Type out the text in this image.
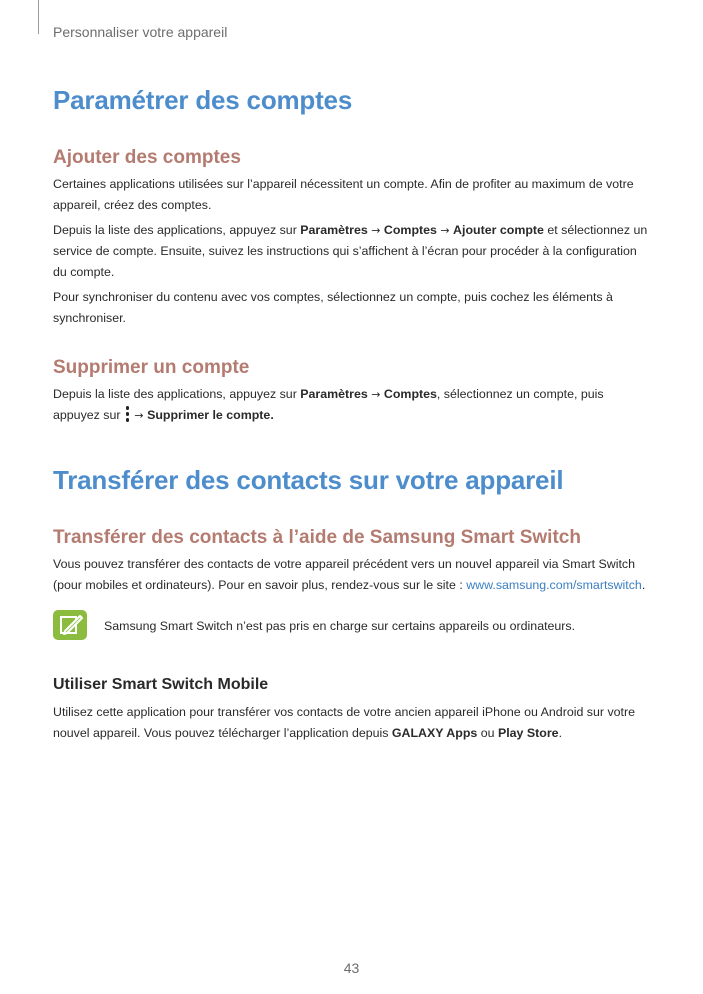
Personnaliser votre appareil
Paramétrer des comptes
Ajouter des comptes

Certaines applications utilisées sur l’appareil nécessitent un compte. Afin de profiter au maximum de votre appareil, créez des comptes.

Depuis la liste des applications, appuyez sur Paramètres → Comptes → Ajouter compte et sélectionnez un service de compte. Ensuite, suivez les instructions qui s’affichent à l’écran pour procéder à la configuration du compte.

Pour synchroniser du contenu avec vos comptes, sélectionnez un compte, puis cochez les éléments à synchroniser.

Supprimer un compte

Depuis la liste des applications, appuyez sur Paramètres → Comptes, sélectionnez un compte, puis appuyez sur
→ Supprimer le compte.

Transférer des contacts sur votre appareil
Transférer des contacts à l’aide de Samsung Smart Switch

Vous pouvez transférer des contacts de votre appareil précédent vers un nouvel appareil via Smart Switch (pour mobiles et ordinateurs). Pour en savoir plus, rendez-vous sur le site : www.samsung.com/smartswitch.

Samsung Smart Switch n’est pas pris en charge sur certains appareils ou ordinateurs.
Utiliser Smart Switch Mobile

Utilisez cette application pour transférer vos contacts de votre ancien appareil iPhone ou Android sur votre nouvel appareil. Vous pouvez télécharger l’application depuis GALAXY Apps ou Play Store.

43
